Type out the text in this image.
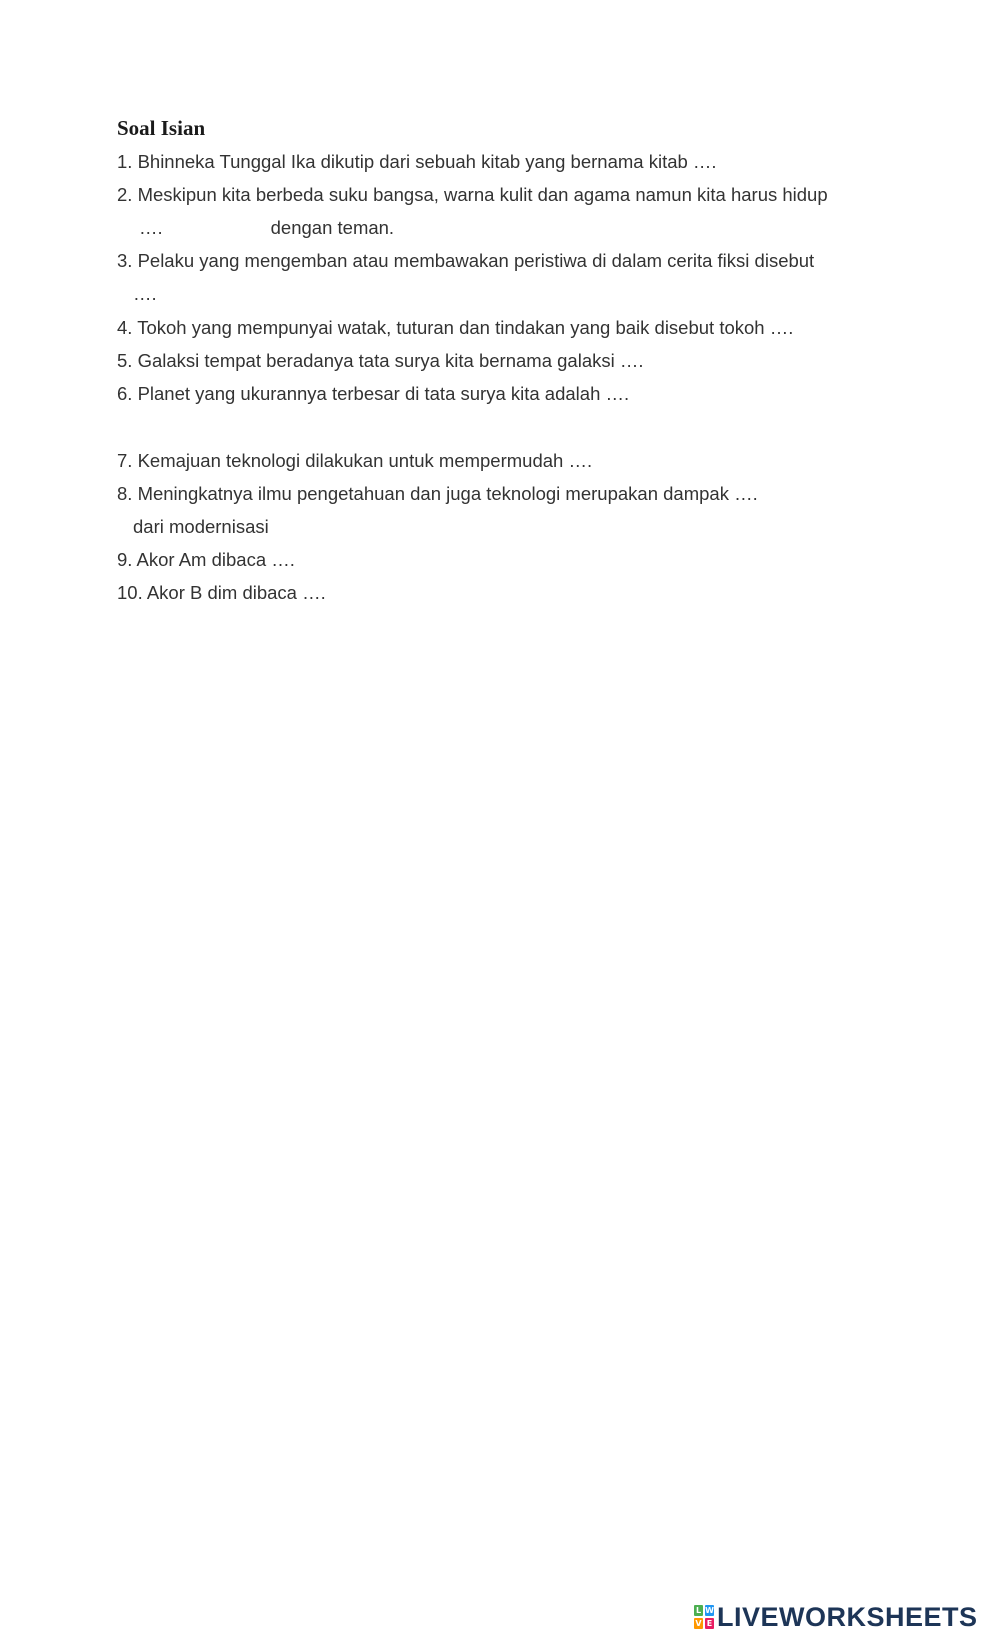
Soal Isian
1. Bhinneka Tunggal Ika dikutip dari sebuah kitab yang bernama kitab ….
2. Meskipun kita berbeda suku bangsa, warna kulit dan agama namun kita harus hidup
….	dengan teman.
3. Pelaku yang mengemban atau membawakan peristiwa di dalam cerita fiksi disebut
….
4. Tokoh yang mempunyai watak, tuturan dan tindakan yang baik disebut tokoh ….
5. Galaksi tempat beradanya tata surya kita bernama galaksi ….
6. Planet yang ukurannya terbesar di tata surya kita adalah ….
7. Kemajuan teknologi dilakukan untuk mempermudah ….
8. Meningkatnya ilmu pengetahuan dan juga teknologi merupakan dampak ….
dari modernisasi
9. Akor Am dibaca ….
10. Akor B dim dibaca ….
L W
V E LIVEWORKSHEETS
